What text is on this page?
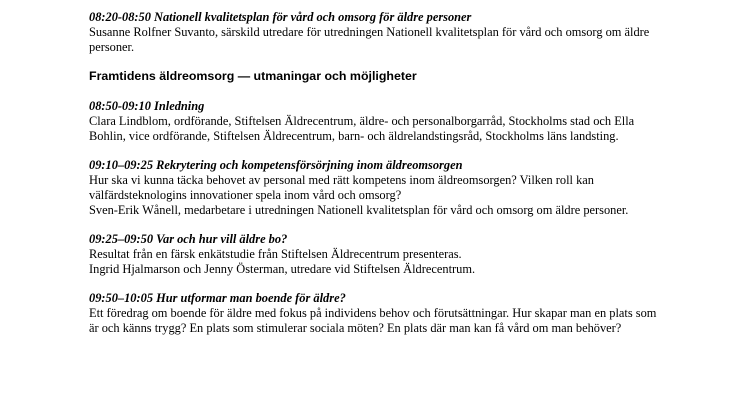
08:20-08:50 Nationell kvalitetsplan för vård och omsorg för äldre personer

Susanne Rolfner Suvanto, särskild utredare för utredningen Nationell kvalitetsplan för vård och omsorg om äldre personer.

Framtidens äldreomsorg — utmaningar och möjligheter
08:50-09:10 Inledning

Clara Lindblom, ordförande, Stiftelsen Äldrecentrum, äldre- och personalborgarråd, Stockholms stad och Ella Bohlin, vice ordförande, Stiftelsen Äldrecentrum, barn- och äldrelandstingsråd, Stockholms läns landsting.

09:10–09:25 Rekrytering och kompetensförsörjning inom äldreomsorgen

Hur ska vi kunna täcka behovet av personal med rätt kompetens inom äldreomsorgen? Vilken roll kan välfärdsteknologins innovationer spela inom vård och omsorg?

Sven-Erik Wånell, medarbetare i utredningen Nationell kvalitetsplan för vård och omsorg om äldre personer.

09:25–09:50 Var och hur vill äldre bo?

Resultat från en färsk enkätstudie från Stiftelsen Äldrecentrum presenteras.

Ingrid Hjalmarson och Jenny Österman, utredare vid Stiftelsen Äldrecentrum.

09:50–10:05 Hur utformar man boende för äldre?

Ett föredrag om boende för äldre med fokus på individens behov och förutsättningar. Hur skapar man en plats som är och känns trygg? En plats som stimulerar sociala möten? En plats där man kan få vård om man behöver?
